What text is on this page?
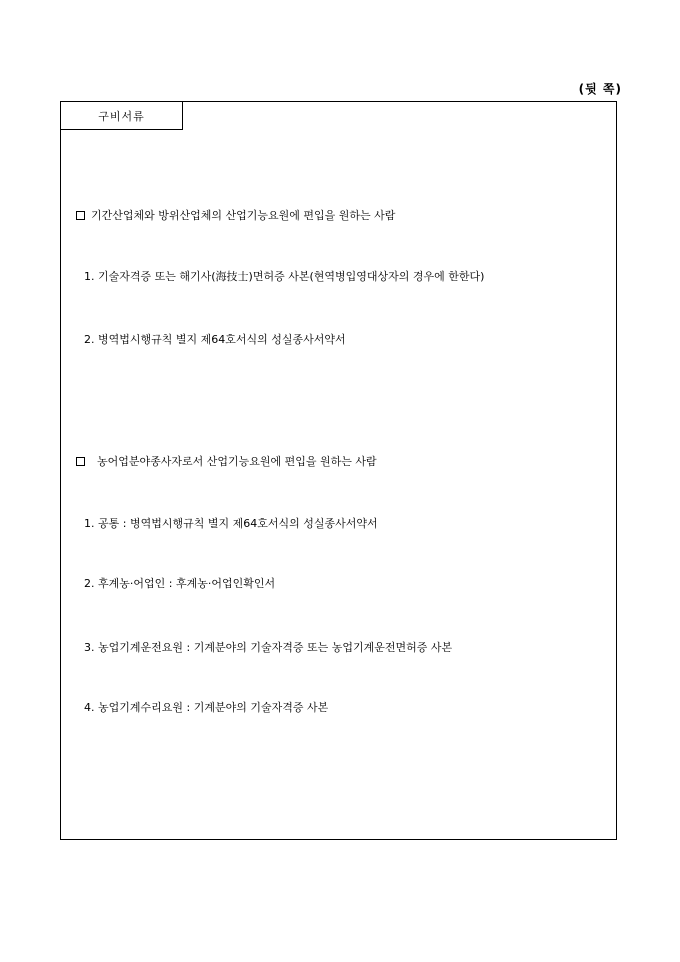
(뒷 쪽)
구비서류
기간산업체와 방위산업체의 산업기능요원에 편입을 원하는 사람
1. 기술자격증 또는 해기사(海技士)면허증 사본(현역병입영대상자의 경우에 한한다)
2. 병역법시행규칙 별지 제64호서식의 성실종사서약서
농어업분야종사자로서 산업기능요원에 편입을 원하는 사람
1. 공통 : 병역법시행규칙 별지 제64호서식의 성실종사서약서
2. 후계농·어업인 : 후계농·어업인확인서
3. 농업기계운전요원 : 기계분야의 기술자격증 또는 농업기계운전면허증 사본
4. 농업기계수리요원 : 기계분야의 기술자격증 사본
